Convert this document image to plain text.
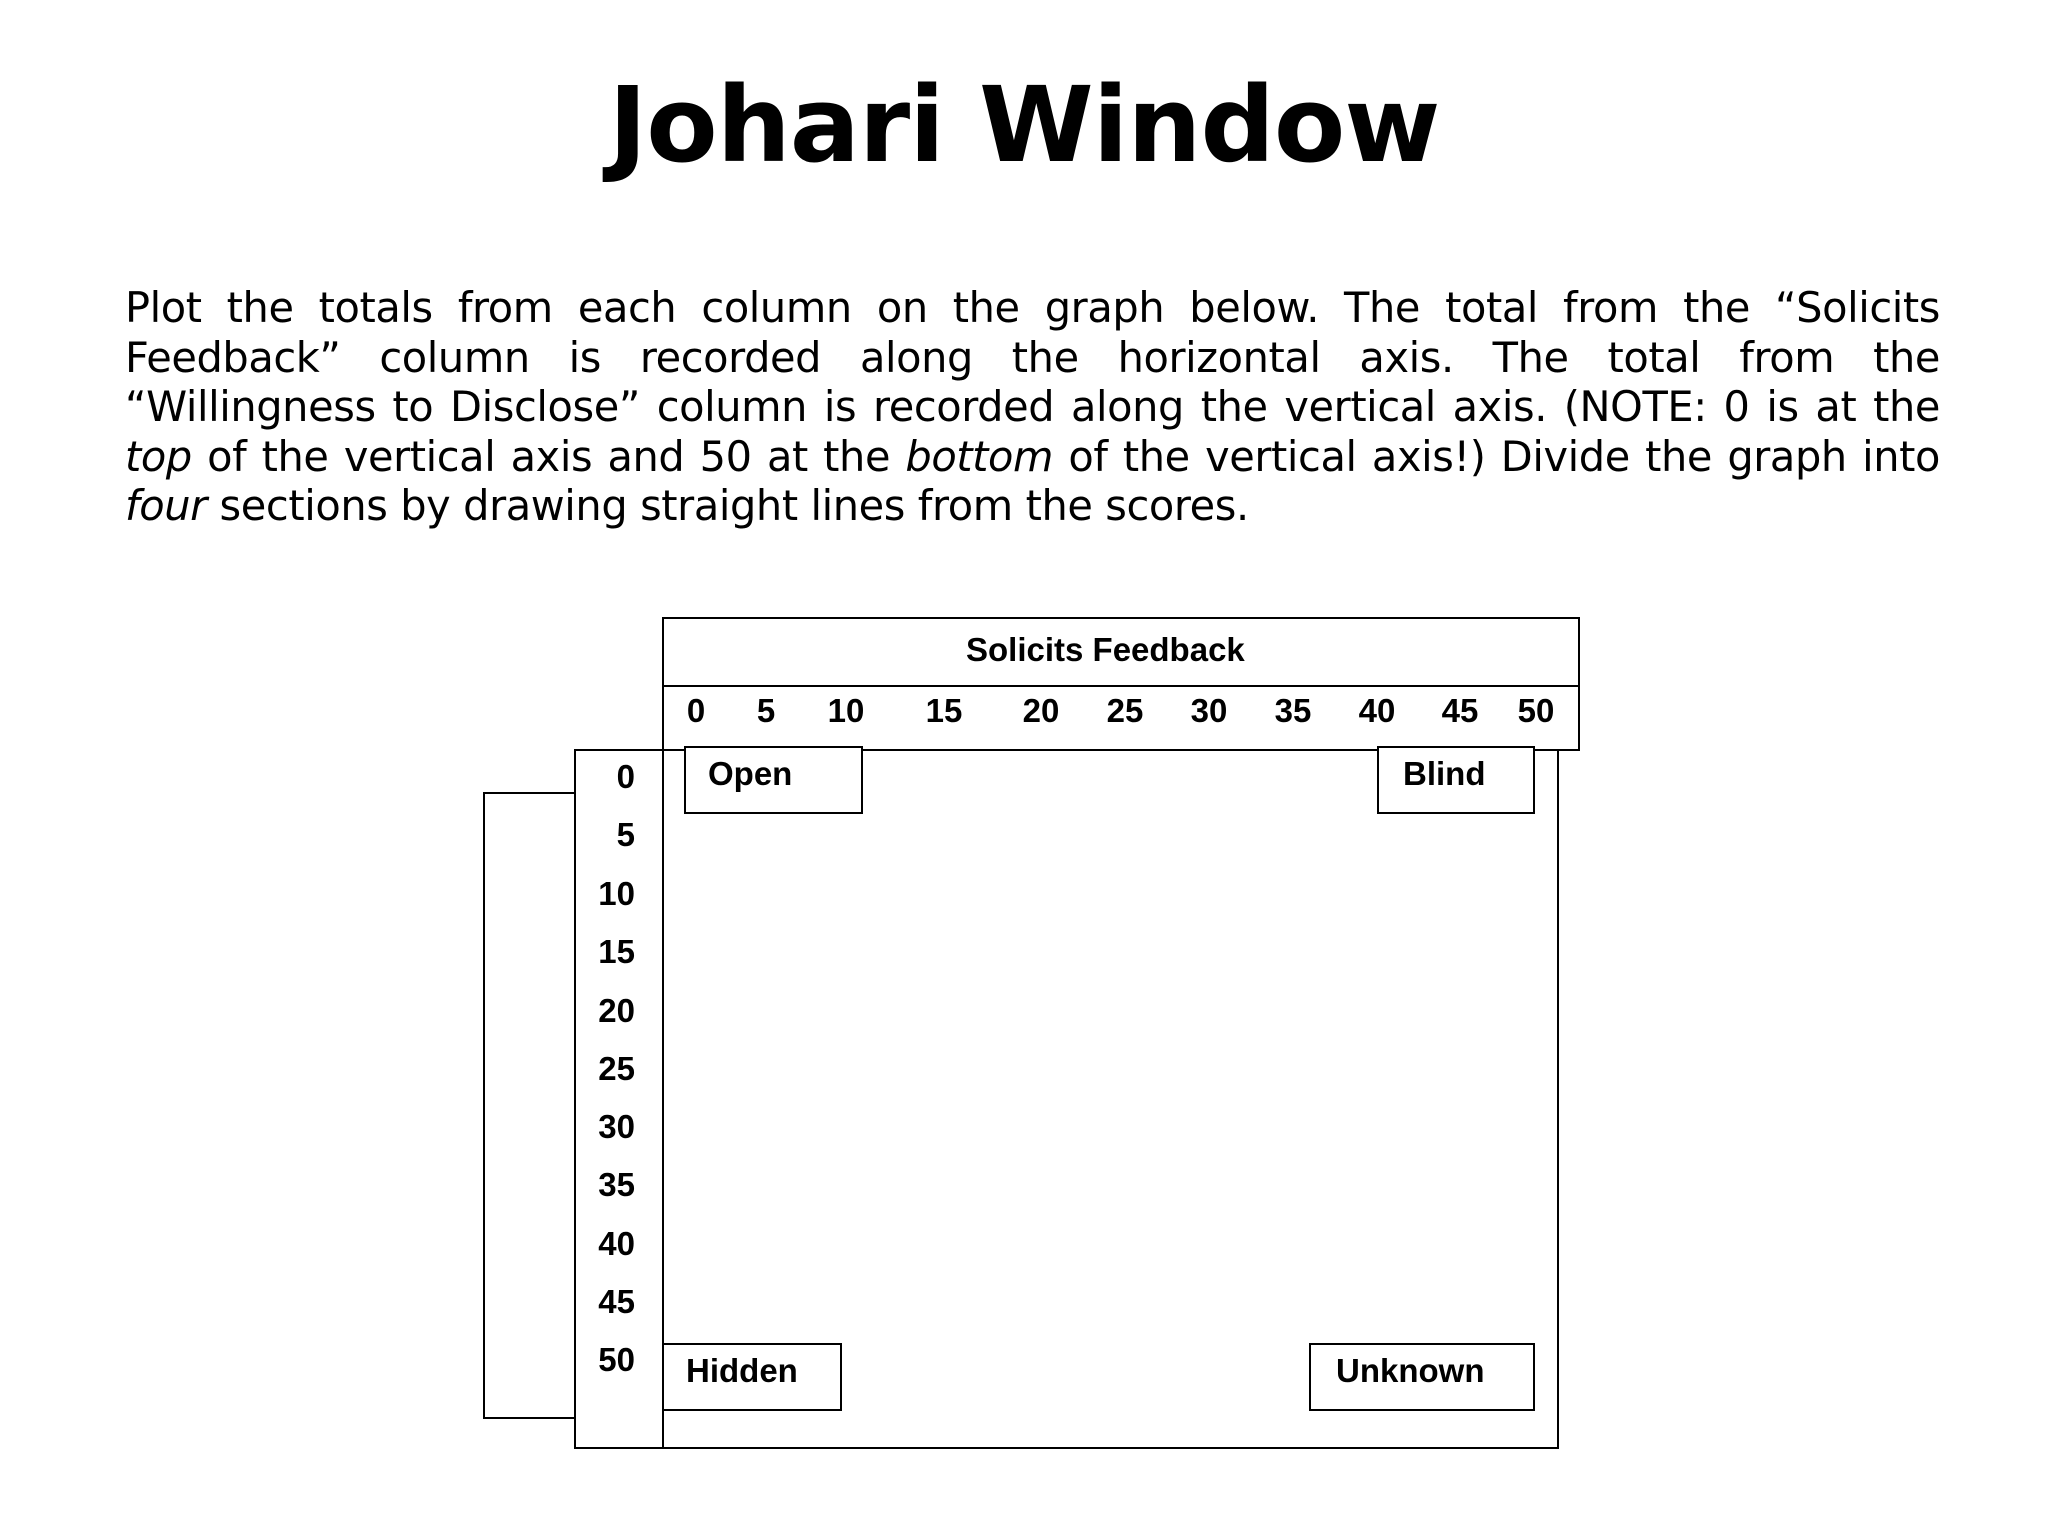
Johari Window
Plot the totals from each column on the graph below. The total from the “Solicits
Feedback” column is recorded along the horizontal axis. The total from the
“Willingness to Disclose” column is recorded along the vertical axis. (NOTE: 0 is at the
top of the vertical axis and 50 at the bottom of the vertical axis!) Divide the graph into
four sections by drawing straight lines from the scores.
Solicits Feedback
0 5 10 15 20 25 30 35 40 45 50
0
5
10
15
20
25
30
35
40
45
50
Open	Blind
Hidden	Unknown
